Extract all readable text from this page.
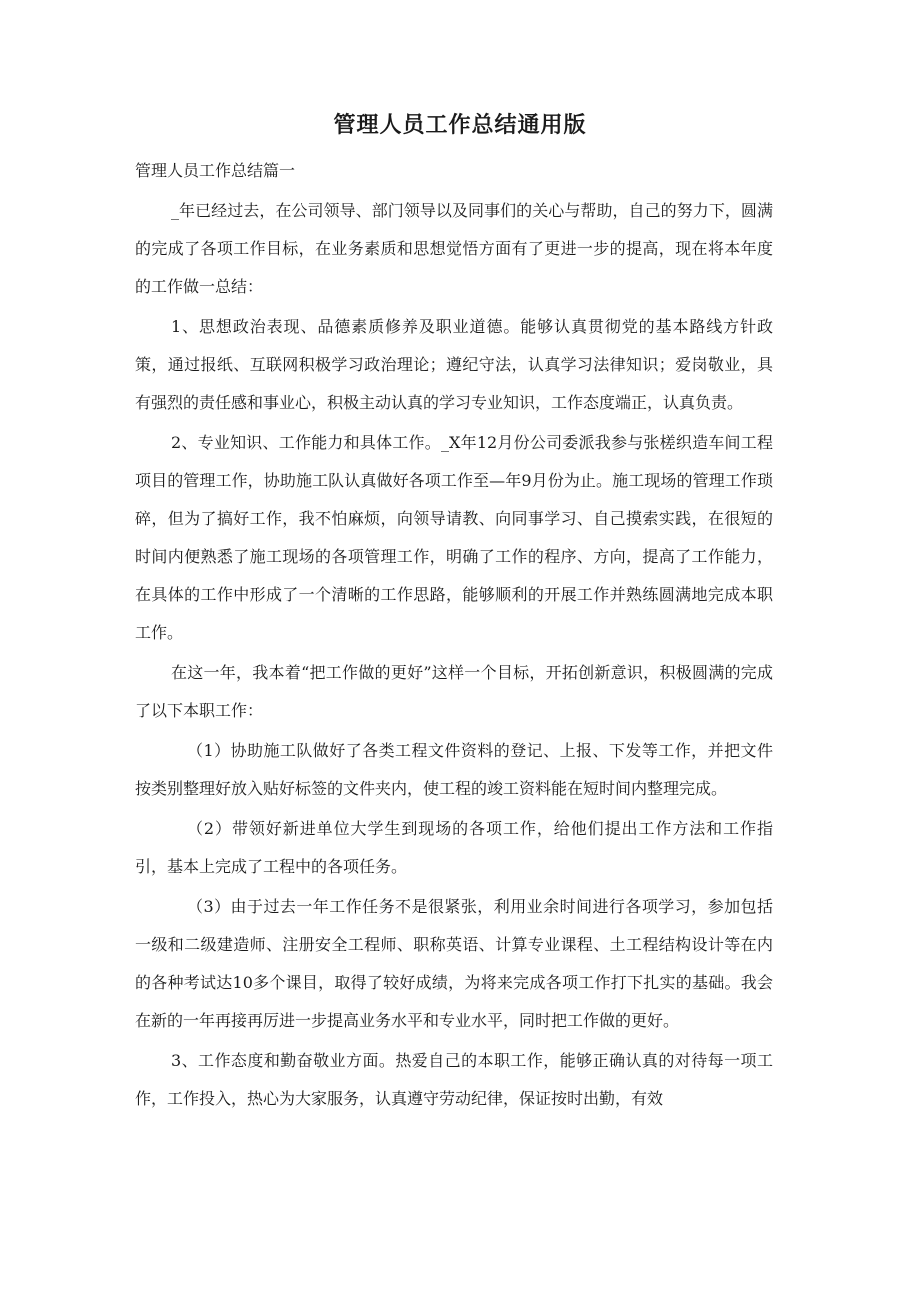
管理人员工作总结通用版
管理人员工作总结篇一

_年已经过去，在公司领导、部门领导以及同事们的关心与帮助，自己的努力下，圆满的完成了各项工作目标，在业务素质和思想觉悟方面有了更进一步的提高，现在将本年度的工作做一总结：

1、思想政治表现、品德素质修养及职业道德。能够认真贯彻党的基本路线方针政策，通过报纸、互联网积极学习政治理论；遵纪守法，认真学习法律知识；爱岗敬业，具有强烈的责任感和事业心，积极主动认真的学习专业知识，工作态度端正，认真负责。

2、专业知识、工作能力和具体工作。_X年12月份公司委派我参与张槎织造车间工程项目的管理工作，协助施工队认真做好各项工作至—年9月份为止。施工现场的管理工作琐碎，但为了搞好工作，我不怕麻烦，向领导请教、向同事学习、自己摸索实践，在很短的时间内便熟悉了施工现场的各项管理工作，明确了工作的程序、方向，提高了工作能力，在具体的工作中形成了一个清晰的工作思路，能够顺利的开展工作并熟练圆满地完成本职工作。

在这一年，我本着“把工作做的更好”这样一个目标，开拓创新意识，积极圆满的完成了以下本职工作：

（1）协助施工队做好了各类工程文件资料的登记、上报、下发等工作，并把文件按类别整理好放入贴好标签的文件夹内，使工程的竣工资料能在短时间内整理完成。

（2）带领好新进单位大学生到现场的各项工作，给他们提出工作方法和工作指引，基本上完成了工程中的各项任务。

（3）由于过去一年工作任务不是很紧张，利用业余时间进行各项学习，参加包括一级和二级建造师、注册安全工程师、职称英语、计算专业课程、土工程结构设计等在内的各种考试达10多个课目，取得了较好成绩，为将来完成各项工作打下扎实的基础。我会在新的一年再接再厉进一步提高业务水平和专业水平，同时把工作做的更好。

3、工作态度和勤奋敬业方面。热爱自己的本职工作，能够正确认真的对待每一项工作，工作投入，热心为大家服务，认真遵守劳动纪律，保证按时出勤，有效
